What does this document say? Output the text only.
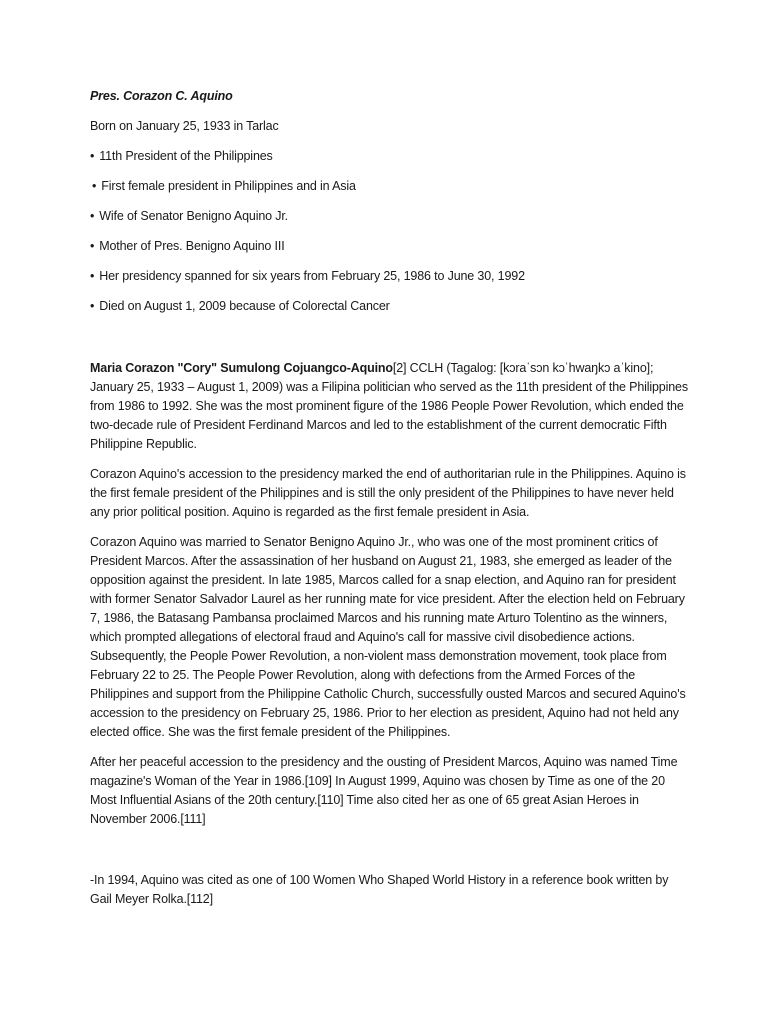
Pres. Corazon C. Aquino
Born on January 25, 1933 in Tarlac
• 11th President of the Philippines
• First female president in Philippines and in Asia
• Wife of Senator Benigno Aquino Jr.
• Mother of Pres. Benigno Aquino III
• Her presidency spanned for six years from February 25, 1986 to June 30, 1992
• Died on August 1, 2009 because of Colorectal Cancer

Maria Corazon "Cory" Sumulong Cojuangco-Aquino[2] CCLH (Tagalog: [kɔraˈsɔn kɔˈhwaŋkɔ aˈkino]; January 25, 1933 – August 1, 2009) was a Filipina politician who served as the 11th president of the Philippines from 1986 to 1992. She was the most prominent figure of the 1986 People Power Revolution, which ended the two-decade rule of President Ferdinand Marcos and led to the establishment of the current democratic Fifth Philippine Republic.

Corazon Aquino's accession to the presidency marked the end of authoritarian rule in the Philippines. Aquino is the first female president of the Philippines and is still the only president of the Philippines to have never held any prior political position. Aquino is regarded as the first female president in Asia.

Corazon Aquino was married to Senator Benigno Aquino Jr., who was one of the most prominent critics of President Marcos. After the assassination of her husband on August 21, 1983, she emerged as leader of the opposition against the president. In late 1985, Marcos called for a snap election, and Aquino ran for president with former Senator Salvador Laurel as her running mate for vice president. After the election held on February 7, 1986, the Batasang Pambansa proclaimed Marcos and his running mate Arturo Tolentino as the winners, which prompted allegations of electoral fraud and Aquino's call for massive civil disobedience actions. Subsequently, the People Power Revolution, a non-violent mass demonstration movement, took place from February 22 to 25. The People Power Revolution, along with defections from the Armed Forces of the Philippines and support from the Philippine Catholic Church, successfully ousted Marcos and secured Aquino's accession to the presidency on February 25, 1986. Prior to her election as president, Aquino had not held any elected office. She was the first female president of the Philippines.

After her peaceful accession to the presidency and the ousting of President Marcos, Aquino was named Time magazine's Woman of the Year in 1986.[109] In August 1999, Aquino was chosen by Time as one of the 20 Most Influential Asians of the 20th century.[110] Time also cited her as one of 65 great Asian Heroes in November 2006.[111]

-In 1994, Aquino was cited as one of 100 Women Who Shaped World History in a reference book written by Gail Meyer Rolka.[112]
